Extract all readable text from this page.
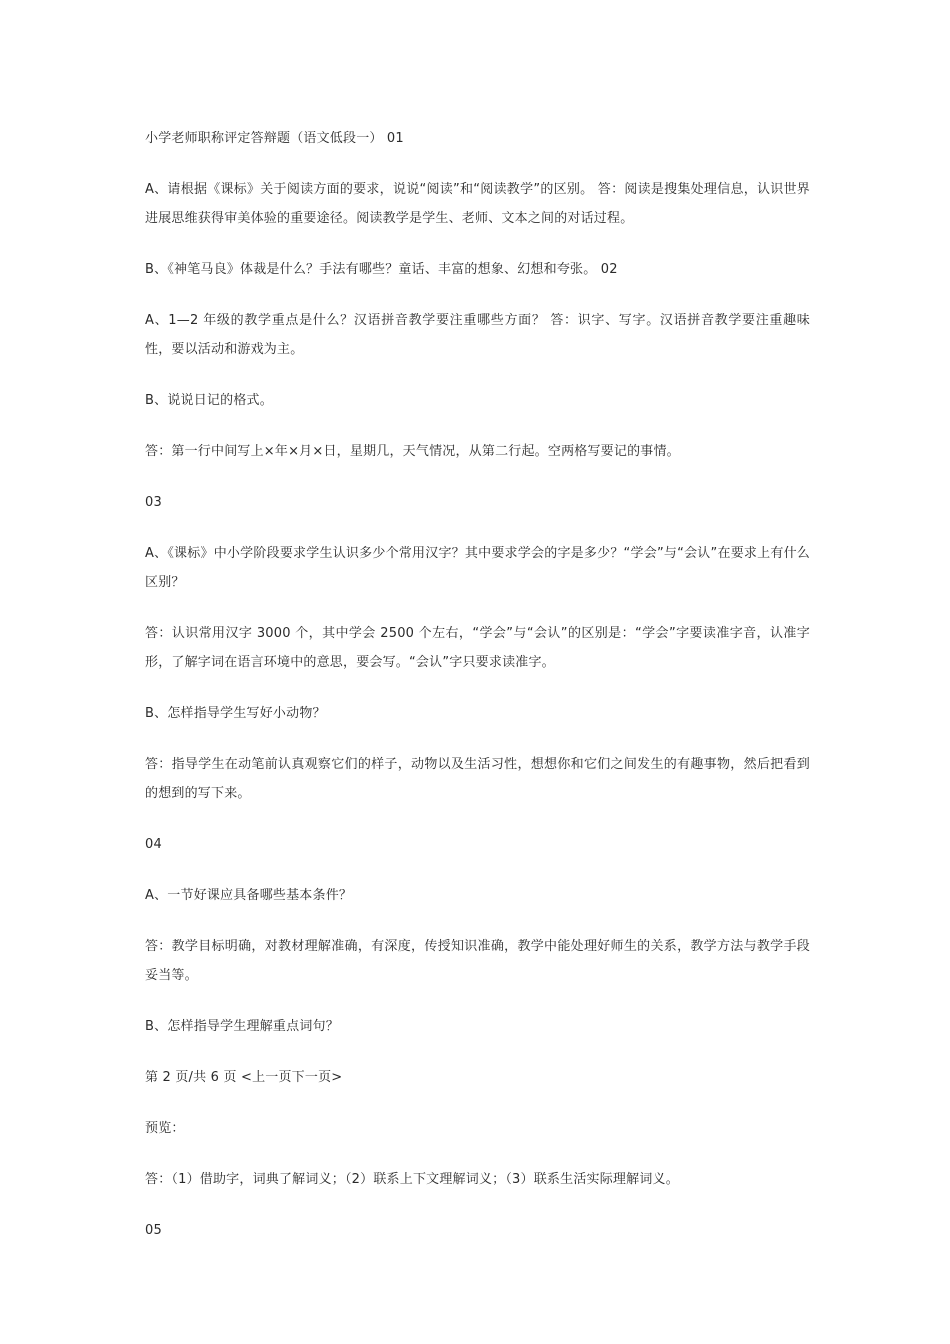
小学老师职称评定答辩题（语文低段一） 01

A、请根据《课标》关于阅读方面的要求，说说“阅读”和“阅读教学”的区别。 答：阅读是搜集处理信息，认识世界进展思维获得审美体验的重要途径。阅读教学是学生、老师、文本之间的对话过程。

B、《神笔马良》体裁是什么？手法有哪些？童话、丰富的想象、幻想和夸张。 02

A、1—2 年级的教学重点是什么？汉语拼音教学要注重哪些方面？ 答：识字、写字。汉语拼音教学要注重趣味性，要以活动和游戏为主。

B、说说日记的格式。

答：第一行中间写上×年×月×日，星期几，天气情况，从第二行起。空两格写要记的事情。

03

A、《课标》中小学阶段要求学生认识多少个常用汉字？其中要求学会的字是多少？“学会”与“会认”在要求上有什么区别？

答：认识常用汉字 3000 个，其中学会 2500 个左右，“学会”与“会认”的区别是：“学会”字要读准字音，认准字形，了解字词在语言环境中的意思，要会写。“会认”字只要求读准字。

B、怎样指导学生写好小动物？

答：指导学生在动笔前认真观察它们的样子，动物以及生活习性，想想你和它们之间发生的有趣事物，然后把看到的想到的写下来。

04

A、一节好课应具备哪些基本条件？

答：教学目标明确，对教材理解准确，有深度，传授知识准确，教学中能处理好师生的关系，教学方法与教学手段妥当等。

B、怎样指导学生理解重点词句？

第 2 页/共 6 页 <上一页下一页>

预览：

答：（1）借助字，词典了解词义；（2）联系上下文理解词义；（3）联系生活实际理解词义。

05
